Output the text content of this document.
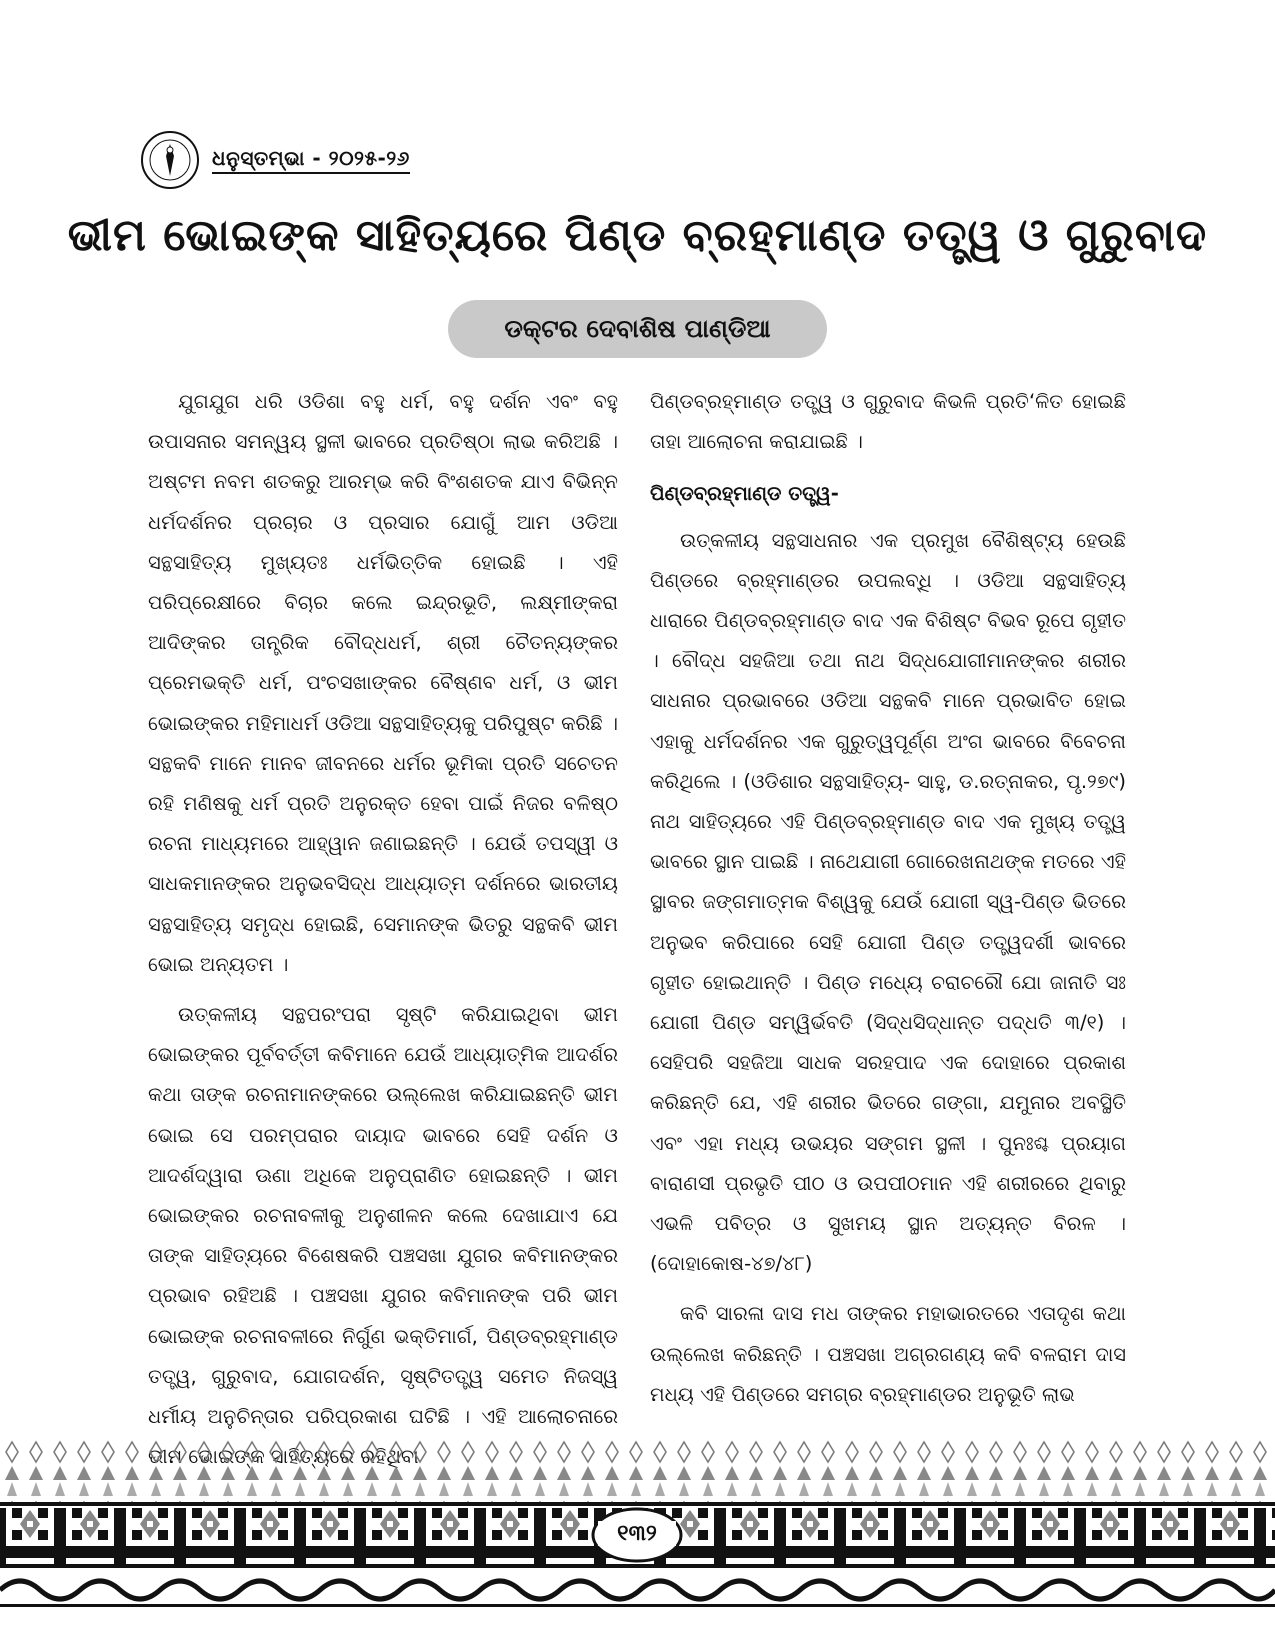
ଧନୁସ୍ତମ୍ଭା - ୨୦୨୫-୨୬
ଭୀମ ଭୋଇଙ୍କ ସାହିତ୍ୟରେ ପିଣ୍ଡ ବ୍ରହ୍ମାଣ୍ଡ ତତ୍ତ୍ୱ ଓ ଗୁରୁବାଦ
ଡକ୍ଟର ଦେବାଶିଷ ପାଣ୍ଡିଆ

ଯୁଗଯୁଗ ଧରି ଓଡିଶା ବହୁ ଧର୍ମ, ବହୁ ଦର୍ଶନ ଏବଂ ବହୁ ଉପାସନାର ସମନ୍ୱୟ ସ୍ଥଳୀ ଭାବରେ ପ୍ରତିଷ୍ଠା ଲାଭ କରିଅଛି । ଅଷ୍ଟମ ନବମ ଶତକରୁ ଆରମ୍ଭ କରି ବିଂଶଶତକ ଯାଏ ବିଭିନ୍ନ ଧର୍ମଦର୍ଶନର ପ୍ରଚାର ଓ ପ୍ରସାର ଯୋଗୁଁ ଆମ ଓଡିଆ ସନ୍ଥସାହିତ୍ୟ ମୁଖ୍ୟତଃ ଧର୍ମଭିତ୍ତିକ ହୋଇଛି । ଏହି ପରିପ୍ରେକ୍ଷୀରେ ବିଚାର କଲେ ଇନ୍ଦ୍ରଭୂତି, ଲକ୍ଷ୍ମୀଙ୍କରା ଆଦିଙ୍କର ତାନ୍ତ୍ରିକ ବୌଦ୍ଧଧର୍ମ, ଶ୍ରୀ ଚୈତନ୍ୟଙ୍କର ପ୍ରେମଭକ୍ତି ଧର୍ମ, ପଂଚସଖାଙ୍କର ବୈଷ୍ଣବ ଧର୍ମ, ଓ ଭୀମ ଭୋଇଙ୍କର ମହିମାଧର୍ମ ଓଡିଆ ସନ୍ଥସାହିତ୍ୟକୁ ପରିପୁଷ୍ଟ କରିଛି । ସନ୍ଥକବି ମାନେ ମାନବ ଜୀବନରେ ଧର୍ମର ଭୂମିକା ପ୍ରତି ସଚେତନ ରହି ମଣିଷକୁ ଧର୍ମ ପ୍ରତି ଅନୁରକ୍ତ ହେବା ପାଇଁ ନିଜର ବଳିଷ୍ଠ ରଚନା ମାଧ୍ୟମରେ ଆହ୍ୱାନ ଜଣାଇଛନ୍ତି । ଯେଉଁ ତପସ୍ୱୀ ଓ ସାଧକମାନଙ୍କର ଅନୁଭବସିଦ୍ଧ ଆଧ୍ୟାତ୍ମ ଦର୍ଶନରେ ଭାରତୀୟ ସନ୍ଥସାହିତ୍ୟ ସମୃଦ୍ଧ ହୋଇଛି, ସେମାନଙ୍କ ଭିତରୁ ସନ୍ଥକବି ଭୀମ ଭୋଇ ଅନ୍ୟତମ ।

ଉତ୍କଳୀୟ ସନ୍ଥପରଂପରା ସୃଷ୍ଟି କରିଯାଇଥିବା ଭୀମ ଭୋଇଙ୍କର ପୂର୍ବବର୍ତ୍ତୀ କବିମାନେ ଯେଉଁ ଆଧ୍ୟାତ୍ମିକ ଆଦର୍ଶର କଥା ତାଙ୍କ ରଚନାମାନଙ୍କରେ ଉଲ୍ଲେଖ କରିଯାଇଛନ୍ତି ଭୀମ ଭୋଇ ସେ ପରମ୍ପରାର ଦାୟାଦ ଭାବରେ ସେହି ଦର୍ଶନ ଓ ଆଦର୍ଶଦ୍ୱାରା ଊଣା ଅଧିକେ ଅନୁପ୍ରାଣିତ ହୋଇଛନ୍ତି । ଭୀମ ଭୋଇଙ୍କର ରଚନାବଳୀକୁ ଅନୁଶୀଳନ କଲେ ଦେଖାଯାଏ ଯେ ତାଙ୍କ ସାହିତ୍ୟରେ ବିଶେଷକରି ପଞ୍ଚସଖା ଯୁଗର କବିମାନଙ୍କର ପ୍ରଭାବ ରହିଅଛି । ପଞ୍ଚସଖା ଯୁଗର କବିମାନଙ୍କ ପରି ଭୀମ ଭୋଇଙ୍କ ରଚନାବଳୀରେ ନିର୍ଗୁଣ ଭକ୍ତିମାର୍ଗ, ପିଣ୍ଡବ୍ରହ୍ମାଣ୍ଡ ତତ୍ତ୍ୱ, ଗୁରୁବାଦ, ଯୋଗଦର୍ଶନ, ସୃଷ୍ଟିତତ୍ତ୍ୱ ସମେତ ନିଜସ୍ୱ ଧର୍ମୀୟ ଅନୁଚିନ୍ତାର ପରିପ୍ରକାଶ ଘଟିଛି । ଏହି ଆଲୋଚନାରେ

ପିଣ୍ଡବ୍ରହ୍ମାଣ୍ଡ ତତ୍ତ୍ୱ ଓ ଗୁରୁବାଦ କିଭଳି ପ୍ରତି‘ଳିତ ହୋଇଛି ତାହା ଆଲୋଚନା କରାଯାଇଛି ।

ପିଣ୍ଡବ୍ରହ୍ମାଣ୍ଡ ତତ୍ତ୍ୱ-

ଉତ୍କଳୀୟ ସନ୍ଥସାଧନାର ଏକ ପ୍ରମୁଖ ବୈଶିଷ୍ଟ୍ୟ ହେଉଛି ପିଣ୍ଡରେ ବ୍ରହ୍ମାଣ୍ଡର ଉପଲବ୍ଧି । ଓଡିଆ ସନ୍ଥସାହିତ୍ୟ ଧାରାରେ ପିଣ୍ଡବ୍ରହ୍ମାଣ୍ଡ ବାଦ ଏକ ବିଶିଷ୍ଟ ବିଭବ ରୂପେ ଗୃହୀତ । ବୌଦ୍ଧ ସହଜିଆ ତଥା ନାଥ ସିଦ୍ଧଯୋଗୀମାନଙ୍କର ଶରୀର ସାଧନାର ପ୍ରଭାବରେ ଓଡିଆ ସନ୍ଥକବି ମାନେ ପ୍ରଭାବିତ ହୋଇ ଏହାକୁ ଧର୍ମଦର୍ଶନର ଏକ ଗୁରୁତ୍ୱପୂର୍ଣ୍ଣ ଅଂଗ ଭାବରେ ବିବେଚନା କରିଥିଲେ । (ଓଡିଶାର ସନ୍ଥସାହିତ୍ୟ- ସାହୁ, ଡ.ରତ୍ନାକର, ପୃ.୨୭୯) ନାଥ ସାହିତ୍ୟରେ ଏହି ପିଣ୍ଡବ୍ରହ୍ମାଣ୍ଡ ବାଦ ଏକ ମୁଖ୍ୟ ତତ୍ତ୍ୱ ଭାବରେ ସ୍ଥାନ ପାଇଛି । ନାଥେଯାଗୀ ଗୋରେଖନାଥଙ୍କ ମତରେ ଏହି ସ୍ଥାବର ଜଙ୍ଗମାତ୍ମକ ବିଶ୍ୱକୁ ଯେଉଁ ଯୋଗୀ ସ୍ୱ-ପିଣ୍ଡ ଭିତରେ ଅନୁଭବ କରିପାରେ ସେହି ଯୋଗୀ ପିଣ୍ଡ ତତ୍ତ୍ୱଦର୍ଶୀ ଭାବରେ ଗୃହୀତ ହୋଇଥାନ୍ତି । ପିଣ୍ଡ ମଧ୍ୟେ ଚରାଚରୌ ଯୋ ଜାନାତି ସଃ ଯୋଗୀ ପିଣ୍ଡ ସମ୍ୱିର୍ଭବତି (ସିଦ୍ଧସିଦ୍ଧାନ୍ତ ପଦ୍ଧତି ୩/୧) । ସେହିପରି ସହଜିଆ ସାଧକ ସରହପାଦ ଏକ ଦୋହାରେ ପ୍ରକାଶ କରିଛନ୍ତି ଯେ, ଏହି ଶରୀର ଭିତରେ ଗଙ୍ଗା, ଯମୁନାର ଅବସ୍ଥିତି ଏବଂ ଏହା ମଧ୍ୟ ଉଭୟର ସଙ୍ଗମ ସ୍ଥଳୀ । ପୁନଃଶ୍ଚ ପ୍ରୟାଗ ବାରାଣସୀ ପ୍ରଭୃତି ପୀଠ ଓ ଉପପୀଠମାନ ଏହି ଶରୀରରେ ଥିବାରୁ ଏଭଳି ପବିତ୍ର ଓ ସୁଖମୟ ସ୍ଥାନ ଅତ୍ୟନ୍ତ ବିରଳ । (ଦୋହାକୋଷ-୪୭/୪୮)

କବି ସାରଳା ଦାସ ମଧ ତାଙ୍କର ମହାଭାରତରେ ଏତାଦୃଶ କଥା ଉଲ୍ଲେଖ କରିଛନ୍ତି । ପଞ୍ଚସଖା ଅଗ୍ରଗଣ୍ୟ କବି ବଳରାମ ଦାସ ମଧ୍ୟ ଏହି ପିଣ୍ଡରେ ସମଗ୍ର ବ୍ରହ୍ମାଣ୍ଡର ଅନୁଭୂତି ଲାଭ

୧୩୨
